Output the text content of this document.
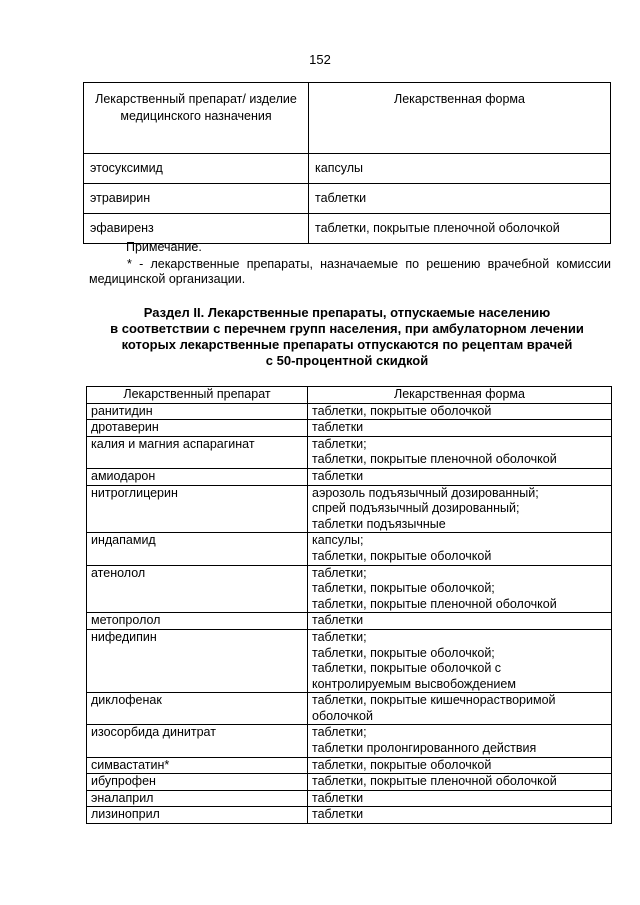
152
Лекарственный препарат/ изделие медицинского назначения	Лекарственная форма
этосуксимид	капсулы
этравирин	таблетки
эфавиренз	таблетки, покрытые пленочной оболочкой
Примечание.
* - лекарственные препараты, назначаемые по решению врачебной комиссии медицинской организации.
Раздел II. Лекарственные препараты, отпускаемые населению
в соответствии с перечнем групп населения, при амбулаторном лечении
которых лекарственные препараты отпускаются по рецептам врачей
с 50-процентной скидкой
Лекарственный препарат	Лекарственная форма
ранитидин	таблетки, покрытые оболочкой

дротаверин	таблетки

калия и магния аспарагинат	таблетки;
таблетки, покрытые пленочной оболочкой

амиодарон	таблетки

нитроглицерин	аэрозоль подъязычный дозированный;
спрей подъязычный дозированный;
таблетки подъязычные

индапамид	капсулы;
таблетки, покрытые оболочкой

атенолол	таблетки;
таблетки, покрытые оболочкой;
таблетки, покрытые пленочной оболочкой

метопролол	таблетки

нифедипин	таблетки;
таблетки, покрытые оболочкой;
таблетки, покрытые оболочкой с
контролируемым высвобождением

диклофенак	таблетки, покрытые кишечнорастворимой
оболочкой

изосорбида динитрат	таблетки;
таблетки пролонгированного действия

симвастатин*	таблетки, покрытые оболочкой

ибупрофен	таблетки, покрытые пленочной оболочкой

эналаприл	таблетки

лизиноприл	таблетки
